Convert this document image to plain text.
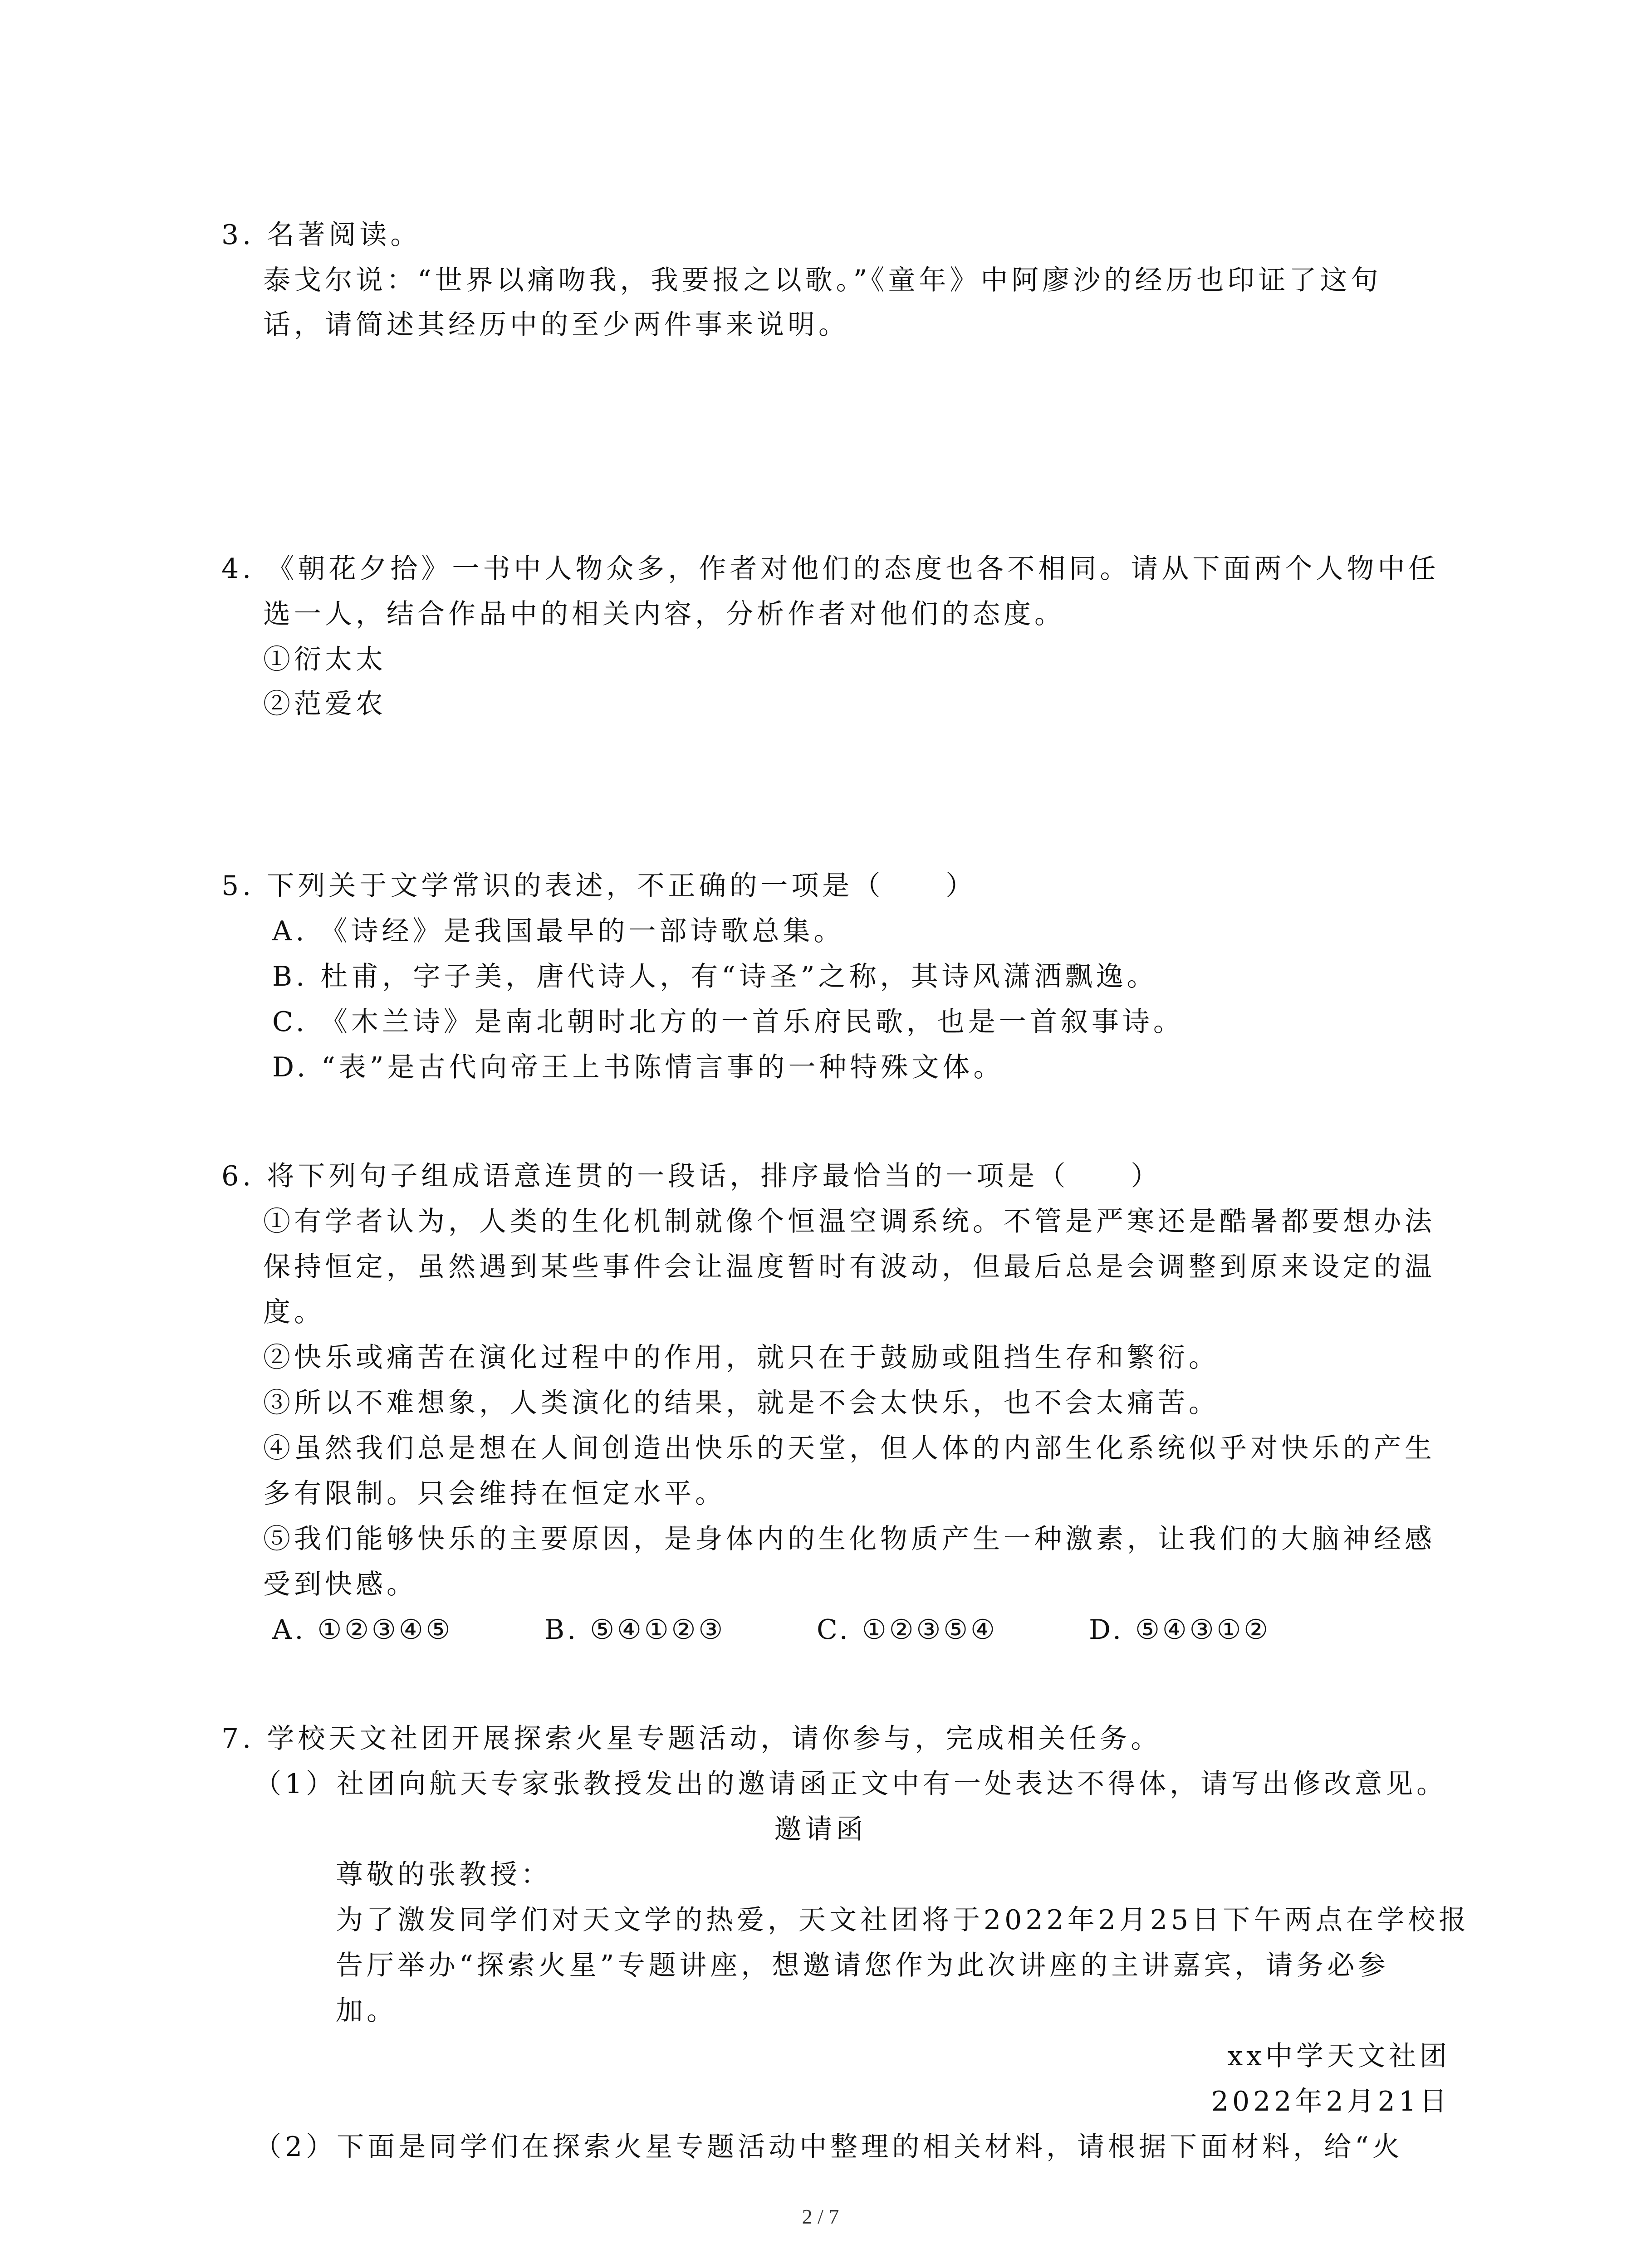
3. 名著阅读。
泰戈尔说：“世界以痛吻我，我要报之以歌。”《童年》中阿廖沙的经历也印证了这句
话，请简述其经历中的至少两件事来说明。
4. 《朝花夕拾》一书中人物众多，作者对他们的态度也各不相同。请从下面两个人物中任
选一人，结合作品中的相关内容，分析作者对他们的态度。
①衍太太
②范爱农
5. 下列关于文学常识的表述，不正确的一项是（　　）
A. 《诗经》是我国最早的一部诗歌总集。
B. 杜甫，字子美，唐代诗人，有“诗圣”之称，其诗风潇洒飘逸。
C. 《木兰诗》是南北朝时北方的一首乐府民歌，也是一首叙事诗。
D. “表”是古代向帝王上书陈情言事的一种特殊文体。
6. 将下列句子组成语意连贯的一段话，排序最恰当的一项是（　　）
①有学者认为，人类的生化机制就像个恒温空调系统。不管是严寒还是酷暑都要想办法
保持恒定，虽然遇到某些事件会让温度暂时有波动，但最后总是会调整到原来设定的温
度。
②快乐或痛苦在演化过程中的作用，就只在于鼓励或阻挡生存和繁衍。
③所以不难想象，人类演化的结果，就是不会太快乐，也不会太痛苦。
④虽然我们总是想在人间创造出快乐的天堂，但人体的内部生化系统似乎对快乐的产生
多有限制。只会维持在恒定水平。
⑤我们能够快乐的主要原因，是身体内的生化物质产生一种激素，让我们的大脑神经感
受到快感。
A. ①②③④⑤	B. ⑤④①②③	C. ①②③⑤④	D. ⑤④③①②
7. 学校天文社团开展探索火星专题活动，请你参与，完成相关任务。
（1）社团向航天专家张教授发出的邀请函正文中有一处表达不得体，请写出修改意见。
邀请函
尊敬的张教授：
为了激发同学们对天文学的热爱，天文社团将于2022年2月25日下午两点在学校报
告厅举办“探索火星”专题讲座，想邀请您作为此次讲座的主讲嘉宾，请务必参
加。
xx中学天文社团
2022年2月21日
（2）下面是同学们在探索火星专题活动中整理的相关材料，请根据下面材料，给“火
2 / 7
